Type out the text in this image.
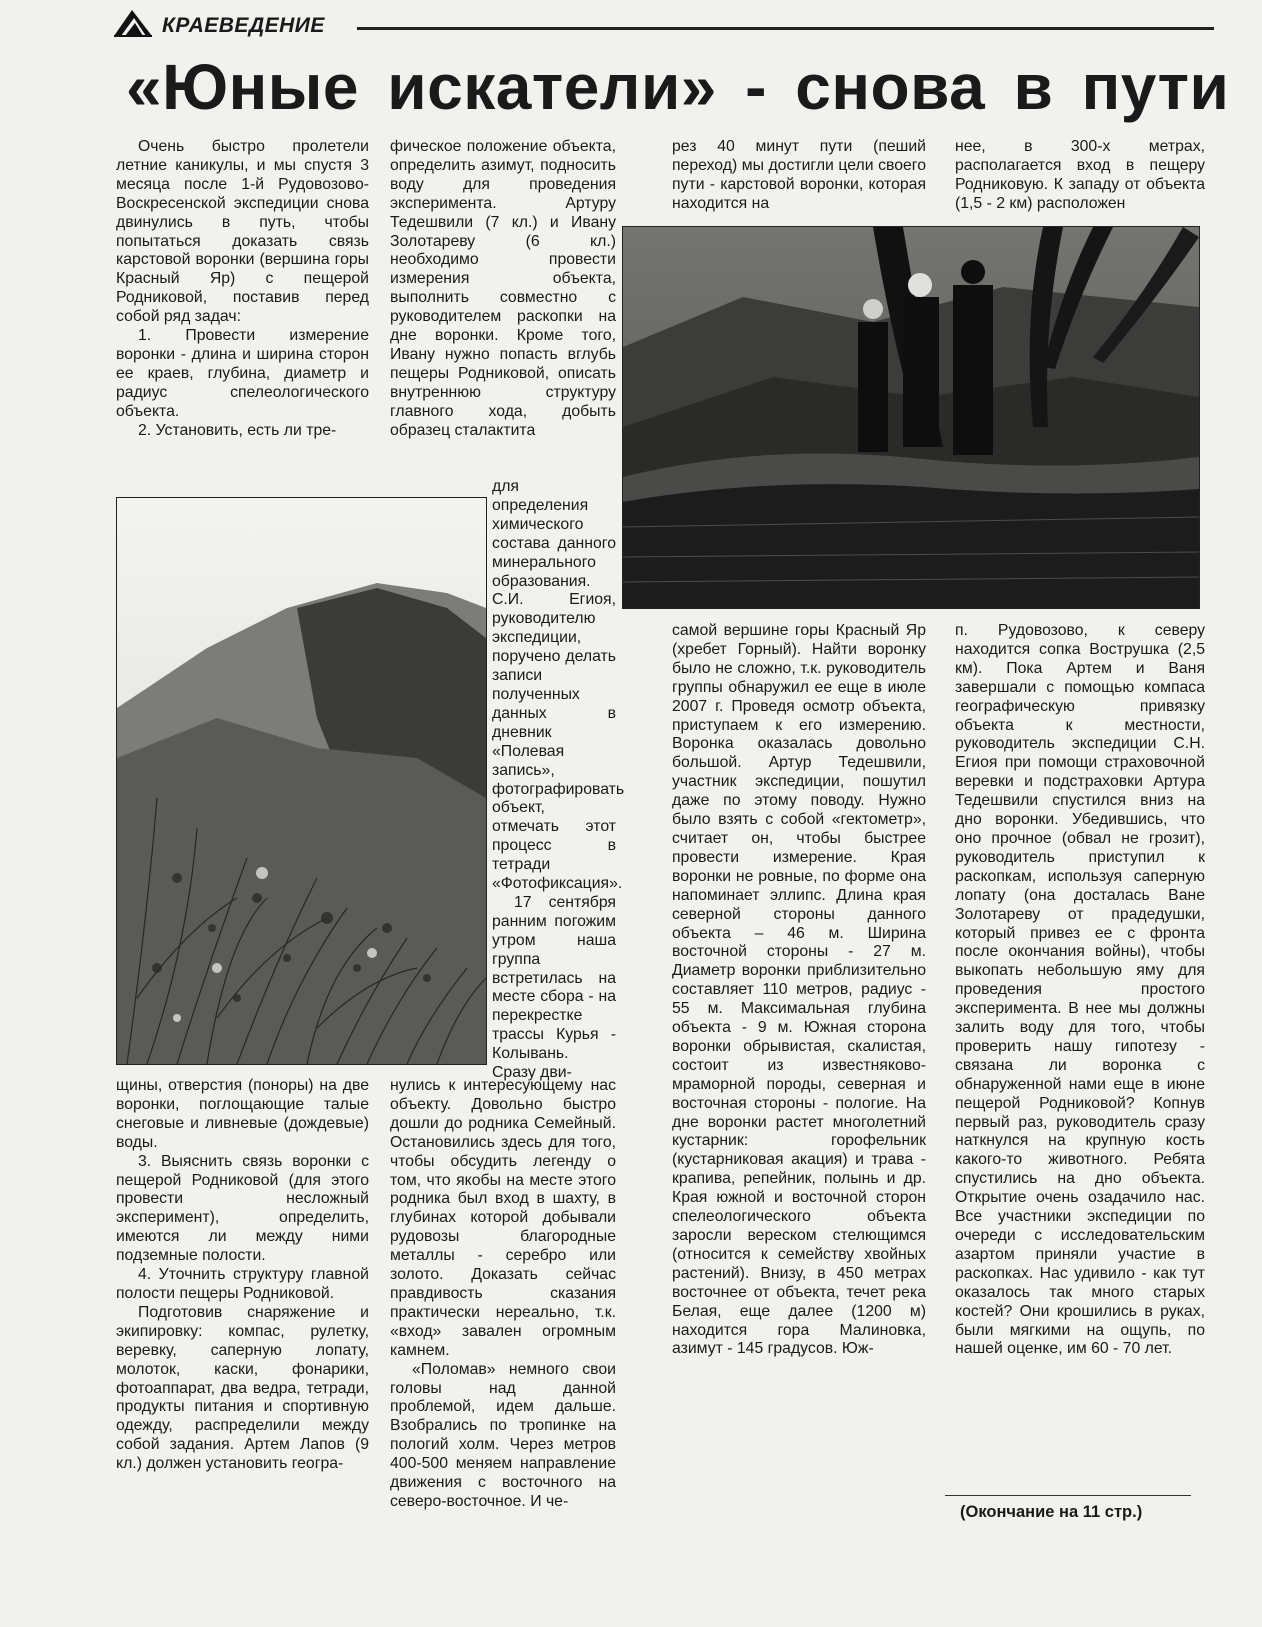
КРАЕВЕДЕНИЕ
«Юные искатели» - снова в пути

Очень быстро пролетели летние каникулы, и мы спустя 3 месяца после 1-й Рудовозово-Воскресенской экспедиции снова двинулись в путь, чтобы попытаться доказать связь карстовой воронки (вершина горы Красный Яр) с пещерой Родниковой, поставив перед собой ряд задач:

1. Провести измерение воронки - длина и ширина сторон ее краев, глубина, диаметр и радиус спелеологического объекта.

2. Установить, есть ли тре-

фическое положение объекта, определить азимут, подносить воду для проведения эксперимента. Артуру Тедешвили (7 кл.) и Ивану Золотареву (6 кл.) необходимо провести измерения объекта, выполнить совместно с руководителем раскопки на дне воронки. Кроме того, Ивану нужно попасть вглубь пещеры Родниковой, описать внутреннюю структуру главного хода, добыть образец сталактита

рез 40 минут пути (пеший переход) мы достигли цели своего пути - карстовой воронки, которая находится на

нее, в 300-х метрах, располагается вход в пещеру Родниковую. К западу от объекта (1,5 - 2 км) расположен

для определения химического состава данного минерального образования. С.И. Егиоя, руководителю экспедиции, поручено делать записи полученных данных в дневник «Полевая запись», фотографировать объект, отмечать этот процесс в тетради «Фотофиксация».

17 сентября ранним погожим утром наша группа встретилась на месте сбора - на перекрестке трассы Курья - Колывань. Сразу дви-

щины, отверстия (поноры) на две воронки, поглощающие талые снеговые и ливневые (дождевые) воды.

3. Выяснить связь воронки с пещерой Родниковой (для этого провести несложный эксперимент), определить, имеются ли между ними подземные полости.

4. Уточнить структуру главной полости пещеры Родниковой.

Подготовив снаряжение и экипировку: компас, рулетку, веревку, саперную лопату, молоток, каски, фонарики, фотоаппарат, два ведра, тетради, продукты питания и спортивную одежду, распределили между собой задания. Артем Лапов (9 кл.) должен установить геогра-

нулись к интересующему нас объекту. Довольно быстро дошли до родника Семейный. Остановились здесь для того, чтобы обсудить легенду о том, что якобы на месте этого родника был вход в шахту, в глубинах которой добывали рудовозы благородные металлы - серебро или золото. Доказать сейчас правдивость сказания практически нереально, т.к. «вход» завален огромным камнем.

«Поломав» немного свои головы над данной проблемой, идем дальше. Взобрались по тропинке на пологий холм. Через метров 400-500 меняем направление движения с восточного на северо-восточное. И че-

самой вершине горы Красный Яр (хребет Горный). Найти воронку было не сложно, т.к. руководитель группы обнаружил ее еще в июле 2007 г. Проведя осмотр объекта, приступаем к его измерению. Воронка оказалась довольно большой. Артур Тедешвили, участник экспедиции, пошутил даже по этому поводу. Нужно было взять с собой «гектометр», считает он, чтобы быстрее провести измерение. Края воронки не ровные, по форме она напоминает эллипс. Длина края северной стороны данного объекта – 46 м. Ширина восточной стороны - 27 м. Диаметр воронки приблизительно составляет 110 метров, радиус - 55 м. Максимальная глубина объекта - 9 м. Южная сторона воронки обрывистая, скалистая, состоит из известняково-мраморной породы, северная и восточная стороны - пологие. На дне воронки растет многолетний кустарник: горофельник (кустарниковая акация) и трава - крапива, репейник, полынь и др. Края южной и восточной сторон спелеологического объекта заросли вереском стелющимся (относится к семейству хвойных растений). Внизу, в 450 метрах восточнее от объекта, течет река Белая, еще далее (1200 м) находится гора Малиновка, азимут - 145 градусов. Юж-

п. Рудовозово, к северу находится сопка Вострушка (2,5 км). Пока Артем и Ваня завершали с помощью компаса географическую привязку объекта к местности, руководитель экспедиции С.Н. Егиоя при помощи страховочной веревки и подстраховки Артура Тедешвили спустился вниз на дно воронки. Убедившись, что оно прочное (обвал не грозит), руководитель приступил к раскопкам, используя саперную лопату (она досталась Ване Золотареву от прадедушки, который привез ее с фронта после окончания войны), чтобы выкопать небольшую яму для проведения простого эксперимента. В нее мы должны залить воду для того, чтобы проверить нашу гипотезу - связана ли воронка с обнаруженной нами еще в июне пещерой Родниковой? Копнув первый раз, руководитель сразу наткнулся на крупную кость какого-то животного. Ребята спустились на дно объекта. Открытие очень озадачило нас. Все участники экспедиции по очереди с исследовательским азартом приняли участие в раскопках. Нас удивило - как тут оказалось так много старых костей? Они крошились в руках, были мягкими на ощупь, по нашей оценке, им 60 - 70 лет.

(Окончание на 11 стр.)
